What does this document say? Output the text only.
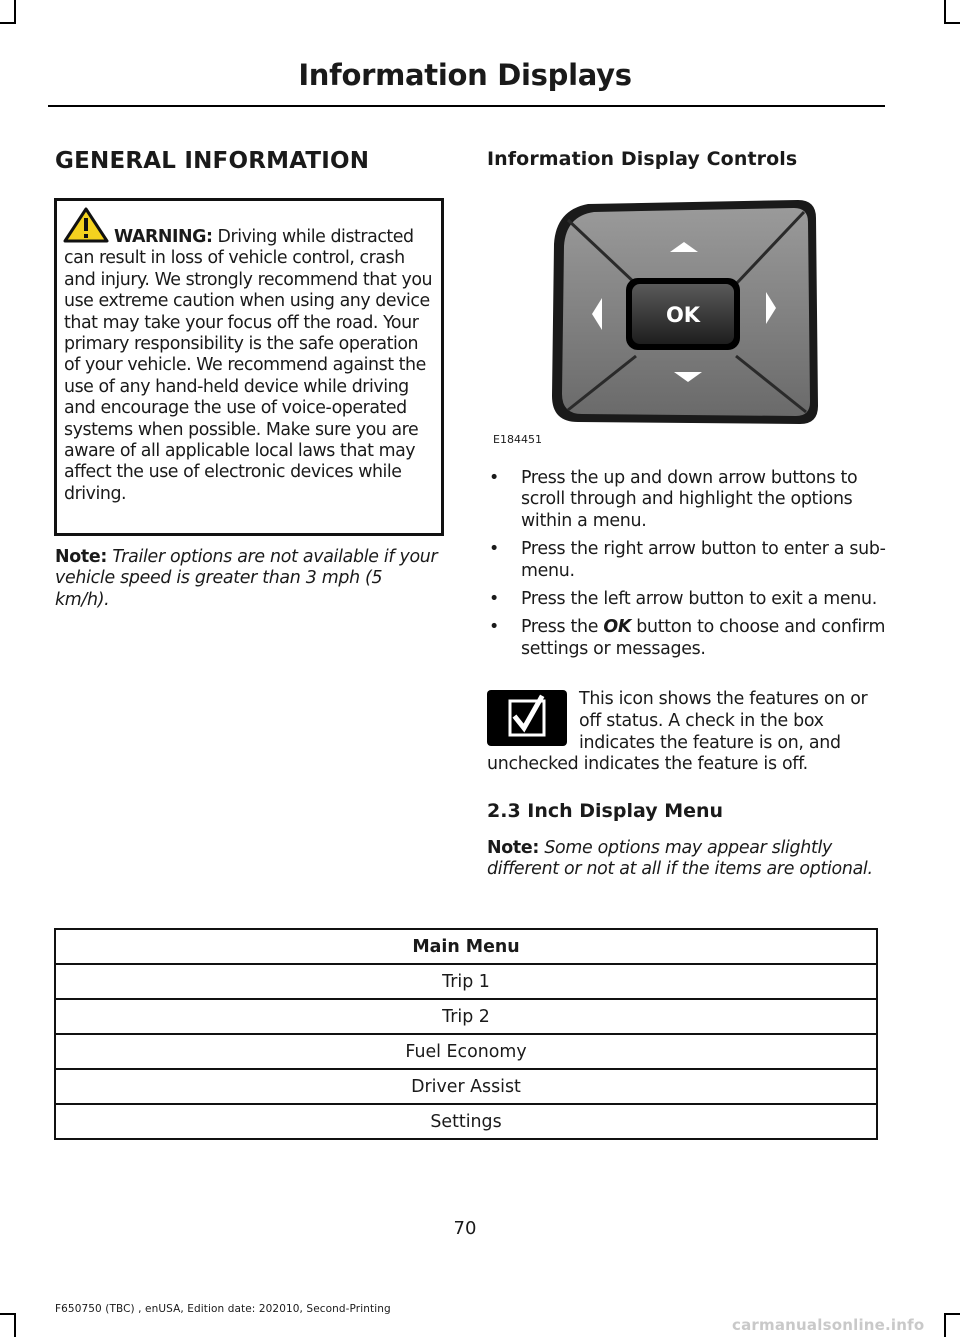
Information Displays
GENERAL INFORMATION
WARNING: Driving while distracted can result in loss of vehicle control, crash and injury. We strongly recommend that you use extreme caution when using any device that may take your focus off the road. Your primary responsibility is the safe operation of your vehicle. We recommend against the use of any hand-held device while driving and encourage the use of voice-operated systems when possible. Make sure you are aware of all applicable local laws that may affect the use of electronic devices while driving.
Note: Trailer options are not available if your vehicle speed is greater than 3 mph (5 km/h).
Information Display Controls
OK
E184451
• Press the up and down arrow buttons to scroll through and highlight the options within a menu.
• Press the right arrow button to enter a sub-menu.
• Press the left arrow button to exit a menu.
• Press the OK button to choose and confirm settings or messages.
This icon shows the features on or off status. A check in the box indicates the feature is on, and unchecked indicates the feature is off.
2.3 Inch Display Menu
Note: Some options may appear slightly different or not at all if the items are optional.
Main Menu
Trip 1
Trip 2
Fuel Economy
Driver Assist
Settings
70
F650750 (TBC) , enUSA, Edition date: 202010, Second-Printing
carmanualsonline.info
